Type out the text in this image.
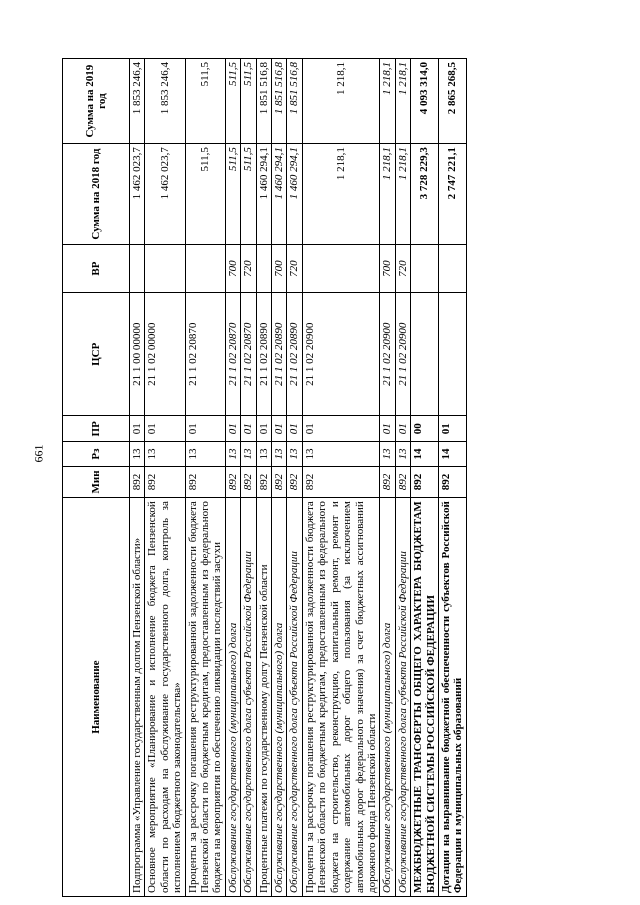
661
Наименование	Мин	Рз	ПР	ЦСР	ВР	Сумма на 2018 год	Сумма на 2019 год
Подпрограмма «Управление государственным долгом Пензенской области»	892	13	01	21 1 00 00000		1 462 023,7	1 853 246,4
Основное мероприятие «Планирование и исполнение бюджета Пензенской области по расходам на обслуживание государственного долга, контроль за исполнением бюджетного законодательства»	892	13	01	21 1 02 00000		1 462 023,7	1 853 246,4
Проценты за рассрочку погашения реструктурированной задолженности бюджета Пензенской области по бюджетным кредитам, предоставленным из федерального бюджета на мероприятия по обеспечению ликвидации последствий засухи	892	13	01	21 1 02 20870		511,5	511,5
Обслуживание государственного (муниципального) долга	892	13	01	21 1 02 20870	700	511,5	511,5
Обслуживание государственного долга субъекта Российской Федерации	892	13	01	21 1 02 20870	720	511,5	511,5
Процентные платежи по государственному долгу Пензенской области	892	13	01	21 1 02 20890		1 460 294,1	1 851 516,8
Обслуживание государственного (муниципального) долга	892	13	01	21 1 02 20890	700	1 460 294,1	1 851 516,8
Обслуживание государственного долга субъекта Российской Федерации	892	13	01	21 1 02 20890	720	1 460 294,1	1 851 516,8
Проценты за рассрочку погашения реструктурированной задолженности бюджета Пензенской области по бюджетным кредитам, предоставленным из федерального бюджета на строительство, реконструкцию, капитальный ремонт, ремонт и содержание автомобильных дорог общего пользования (за исключением автомобильных дорог федерального значения) за счет бюджетных ассигнований дорожного фонда Пензенской области	892	13	01	21 1 02 20900		1 218,1	1 218,1
Обслуживание государственного (муниципального) долга	892	13	01	21 1 02 20900	700	1 218,1	1 218,1
Обслуживание государственного долга субъекта Российской Федерации	892	13	01	21 1 02 20900	720	1 218,1	1 218,1
МЕЖБЮДЖЕТНЫЕ ТРАНСФЕРТЫ ОБЩЕГО ХАРАКТЕРА БЮДЖЕТАМ БЮДЖЕТНОЙ СИСТЕМЫ РОССИЙСКОЙ ФЕДЕРАЦИИ	892	14	00			3 728 229,3	4 093 314,0
Дотации на выравнивание бюджетной обеспеченности субъектов Российской Федерации и муниципальных образований	892	14	01			2 747 221,1	2 865 268,5
